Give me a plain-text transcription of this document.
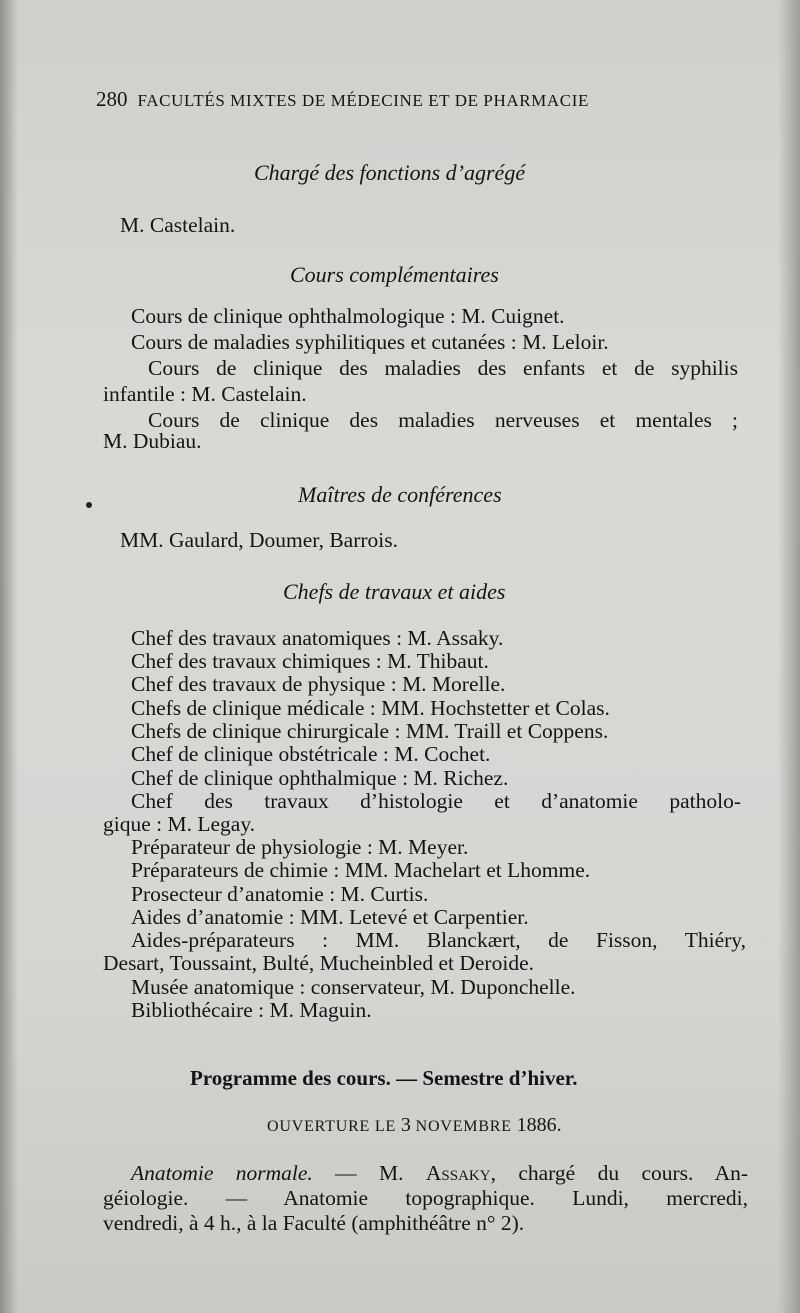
280 FACULTÉS MIXTES DE MÉDECINE ET DE PHARMACIE
Chargé des fonctions d’agrégé
M. Castelain.
Cours complémentaires
Cours de clinique ophthalmologique : M. Cuignet.
Cours de maladies syphilitiques et cutanées : M. Leloir.
Cours de clinique des maladies des enfants et de syphilis
infantile : M. Castelain.
Cours de clinique des maladies nerveuses et mentales ;
M. Dubiau.
Maîtres de conférences
MM. Gaulard, Doumer, Barrois.
Chefs de travaux et aides
Chef des travaux anatomiques : M. Assaky.
Chef des travaux chimiques : M. Thibaut.
Chef des travaux de physique : M. Morelle.
Chefs de clinique médicale : MM. Hochstetter et Colas.
Chefs de clinique chirurgicale : MM. Traill et Coppens.
Chef de clinique obstétricale : M. Cochet.
Chef de clinique ophthalmique : M. Richez.
Chef des travaux d’histologie et d’anatomie patholo-
gique : M. Legay.
Préparateur de physiologie : M. Meyer.
Préparateurs de chimie : MM. Machelart et Lhomme.
Prosecteur d’anatomie : M. Curtis.
Aides d’anatomie : MM. Letevé et Carpentier.
Aides-préparateurs : MM. Blanckært, de Fisson, Thiéry,
Desart, Toussaint, Bulté, Mucheinbled et Deroide.
Musée anatomique : conservateur, M. Duponchelle.
Bibliothécaire : M. Maguin.
Programme des cours. — Semestre d’hiver.
OUVERTURE LE 3 NOVEMBRE 1886.
Anatomie normale. — M. Assaky, chargé du cours. An-
géiologie. — Anatomie topographique. Lundi, mercredi,
vendredi, à 4 h., à la Faculté (amphithéâtre n° 2).
